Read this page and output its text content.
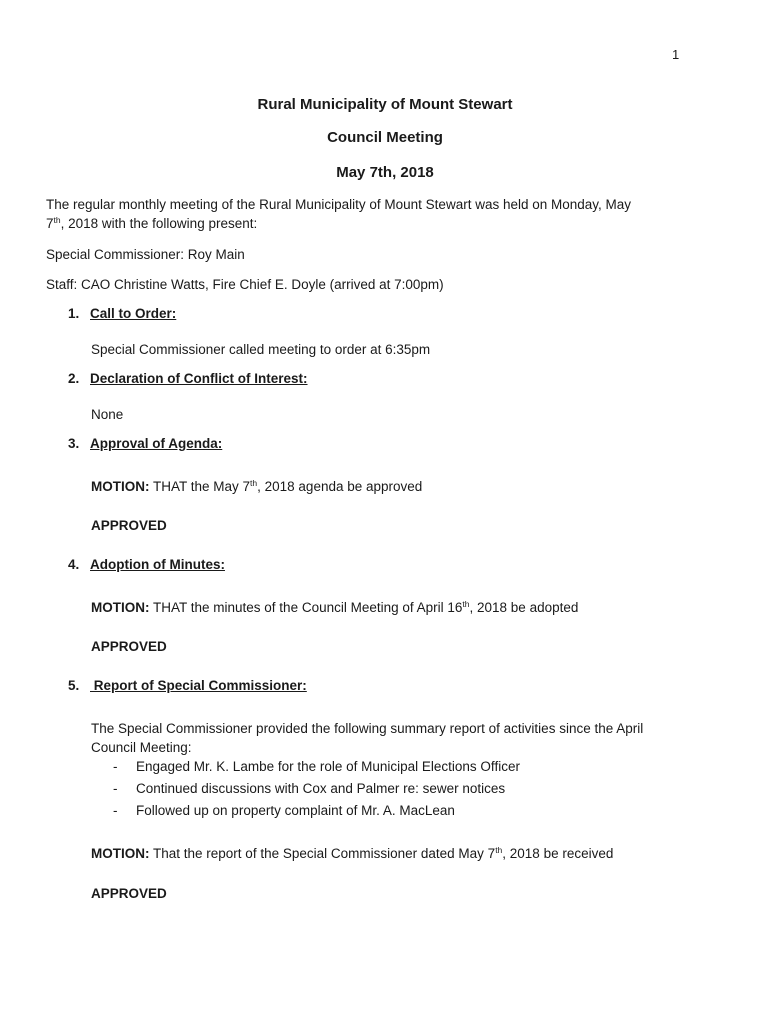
1
Rural Municipality of Mount Stewart
Council Meeting
May 7th, 2018
The regular monthly meeting of the Rural Municipality of Mount Stewart was held on Monday, May
7th, 2018 with the following present:
Special Commissioner: Roy Main
Staff: CAO Christine Watts, Fire Chief E. Doyle (arrived at 7:00pm)
1. Call to Order:
Special Commissioner called meeting to order at 6:35pm
2. Declaration of Conflict of Interest:
None
3. Approval of Agenda:
MOTION: THAT the May 7th, 2018 agenda be approved
APPROVED
4. Adoption of Minutes:
MOTION: THAT the minutes of the Council Meeting of April 16th, 2018 be adopted
APPROVED
5. Report of Special Commissioner:
The Special Commissioner provided the following summary report of activities since the April
Council Meeting:
- Engaged Mr. K. Lambe for the role of Municipal Elections Officer
- Continued discussions with Cox and Palmer re: sewer notices
- Followed up on property complaint of Mr. A. MacLean
MOTION: That the report of the Special Commissioner dated May 7th, 2018 be received
APPROVED
